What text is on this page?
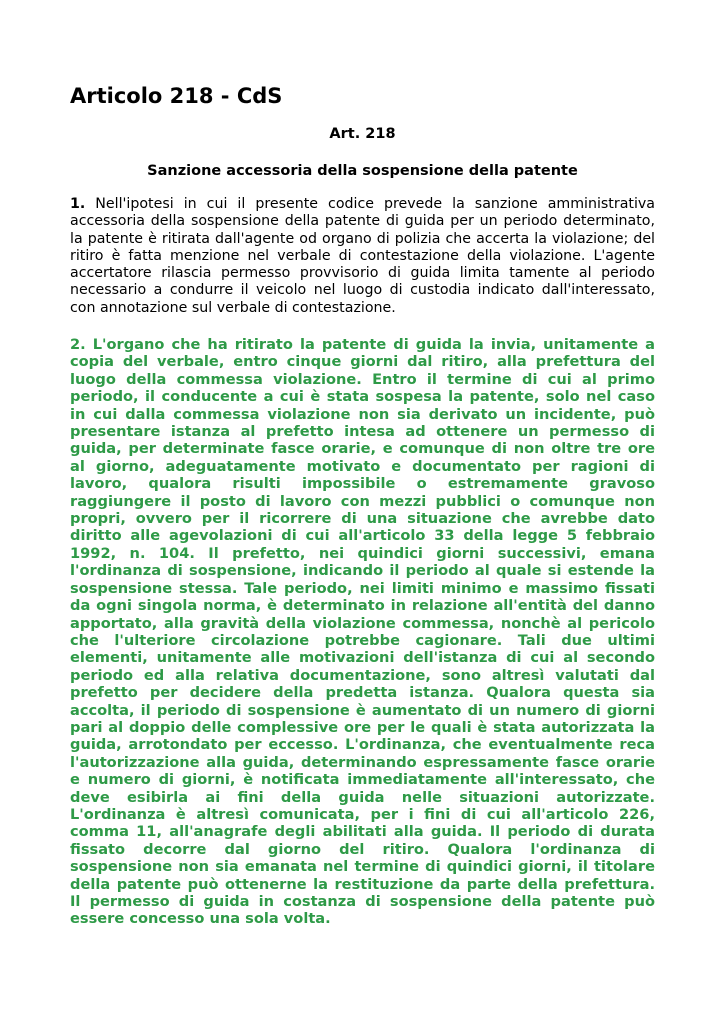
Articolo 218 - CdS

Art. 218

Sanzione accessoria della sospensione della patente

1. Nell'ipotesi in cui il presente codice prevede la sanzione amministrativa accessoria della sospensione della patente di guida per un periodo determinato, la patente è ritirata dall'agente od organo di polizia che accerta la violazione; del ritiro è fatta menzione nel verbale di contestazione della violazione. L'agente accertatore rilascia permesso provvisorio di guida limita tamente al periodo necessario a condurre il veicolo nel luogo di custodia indicato dall'interessato, con annotazione sul verbale di contestazione.

2. L'organo che ha ritirato la patente di guida la invia, unitamente a copia del verbale, entro cinque giorni dal ritiro, alla prefettura del luogo della commessa violazione. Entro il termine di cui al primo periodo, il conducente a cui è stata sospesa la patente, solo nel caso in cui dalla commessa violazione non sia derivato un incidente, può presentare istanza al prefetto intesa ad ottenere un permesso di guida, per determinate fasce orarie, e comunque di non oltre tre ore al giorno, adeguatamente motivato e documentato per ragioni di lavoro, qualora risulti impossibile o estremamente gravoso raggiungere il posto di lavoro con mezzi pubblici o comunque non propri, ovvero per il ricorrere di una situazione che avrebbe dato diritto alle agevolazioni di cui all'articolo 33 della legge 5 febbraio 1992, n. 104. Il prefetto, nei quindici giorni successivi, emana l'ordinanza di sospensione, indicando il periodo al quale si estende la sospensione stessa. Tale periodo, nei limiti minimo e massimo fissati da ogni singola norma, è determinato in relazione all'entità del danno apportato, alla gravità della violazione commessa, nonchè al pericolo che l'ulteriore circolazione potrebbe cagionare. Tali due ultimi elementi, unitamente alle motivazioni dell'istanza di cui al secondo periodo ed alla relativa documentazione, sono altresì valutati dal prefetto per decidere della predetta istanza. Qualora questa sia accolta, il periodo di sospensione è aumentato di un numero di giorni pari al doppio delle complessive ore per le quali è stata autorizzata la guida, arrotondato per eccesso. L'ordinanza, che eventualmente reca l'autorizzazione alla guida, determinando espressamente fasce orarie e numero di giorni, è notificata immediatamente all'interessato, che deve esibirla ai fini della guida nelle situazioni autorizzate. L'ordinanza è altresì comunicata, per i fini di cui all'articolo 226, comma 11, all'anagrafe degli abilitati alla guida. Il periodo di durata fissato decorre dal giorno del ritiro. Qualora l'ordinanza di sospensione non sia emanata nel termine di quindici giorni, il titolare della patente può ottenerne la restituzione da parte della prefettura. Il permesso di guida in costanza di sospensione della patente può essere concesso una sola volta.
